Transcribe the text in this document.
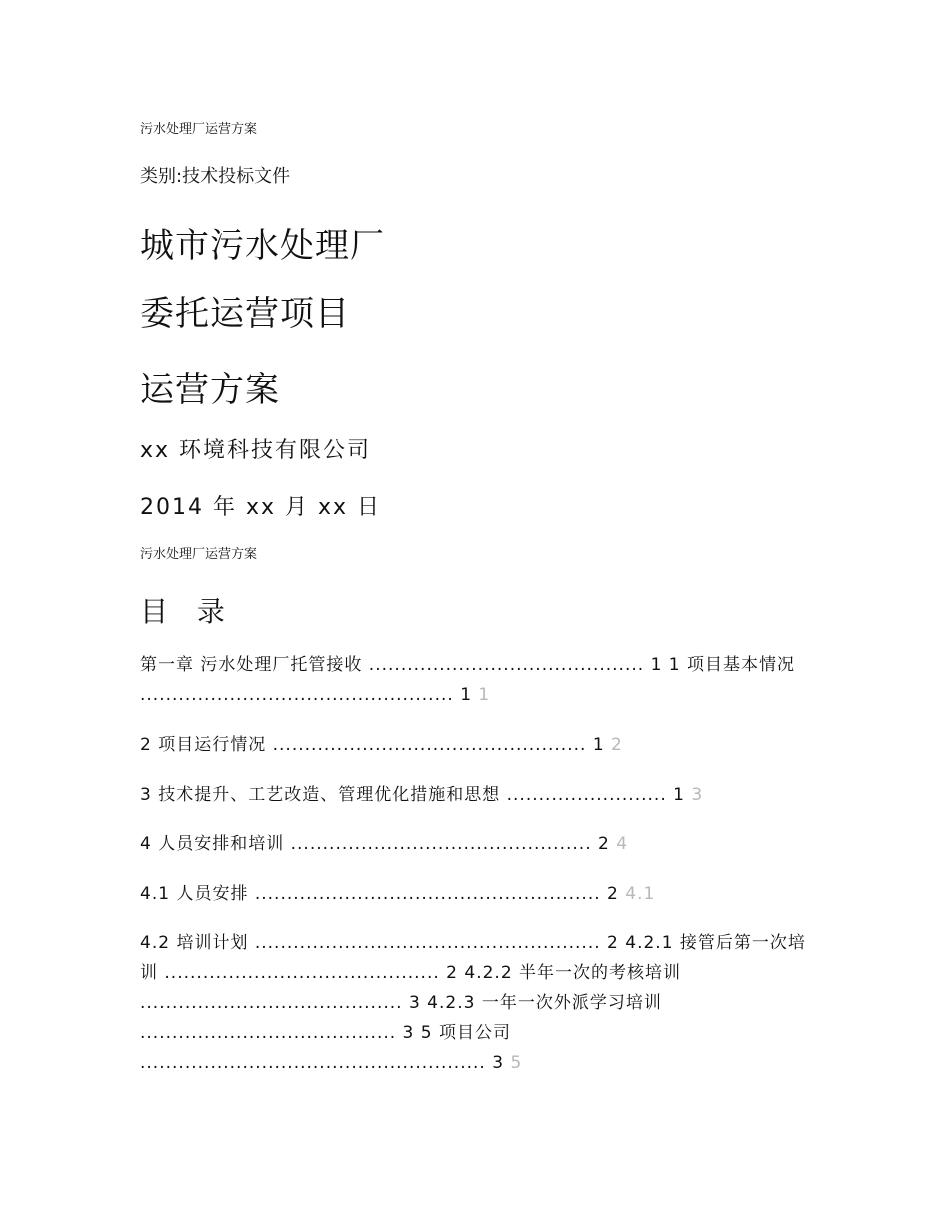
污水处理厂运营方案
类别:技术投标文件
城市污水处理厂
委托运营项目
运营方案
xx 环境科技有限公司
2014 年 xx 月 xx 日
污水处理厂运营方案
目 录

第一章 污水处理厂托管接收 ........................................... 1 1 项目基本情况 ................................................. 1 1

2 项目运行情况 ................................................. 1 2

3 技术提升、工艺改造、管理优化措施和思想 ......................... 1 3

4 人员安排和培训 ............................................... 2 4

4.1 人员安排 ...................................................... 2 4.1

4.2 培训计划 ...................................................... 2 4.2.1 接管后第一次培训 ........................................... 2 4.2.2 半年一次的考核培训 ......................................... 3 4.2.3 一年一次外派学习培训 ........................................ 3 5 项目公司 ...................................................... 3 5
